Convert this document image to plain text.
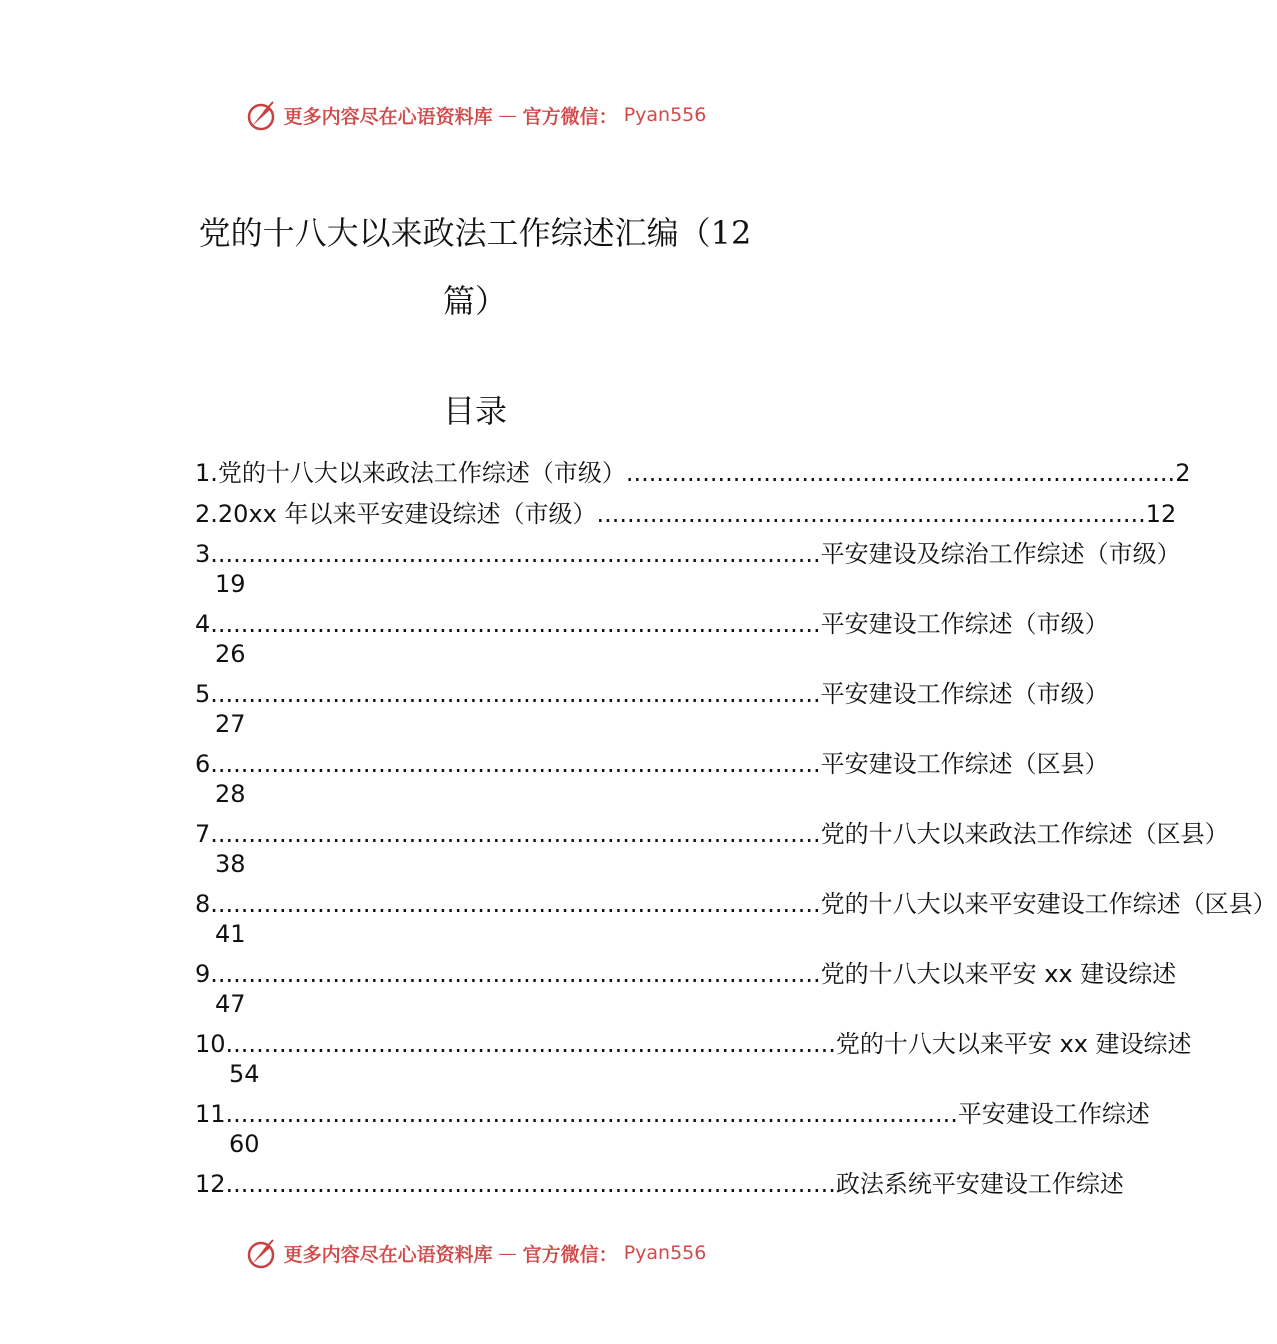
更多内容尽在心语资料库 — 官方微信： Pyan556
党的十八大以来政法工作综述汇编（12
篇）
目录
1. 党的十八大以来政法工作综述（市级） ........................................................................ 2
2. 20xx 年以来平安建设综述（市级） ........................................................................ 12
3 ................................................................................ 平安建设及综治工作综述（市级）
19
4 ................................................................................ 平安建设工作综述（市级）
26
5 ................................................................................ 平安建设工作综述（市级）
27
6 ................................................................................ 平安建设工作综述（区县）
28
7 ................................................................................ 党的十八大以来政法工作综述（区县）
38
8 ................................................................................ 党的十八大以来平安建设工作综述（区县）
41
9 ................................................................................ 党的十八大以来平安 xx 建设综述
47
10 ................................................................................ 党的十八大以来平安 xx 建设综述
54
11 ................................................................................................ 平安建设工作综述
60
12 ................................................................................ 政法系统平安建设工作综述
更多内容尽在心语资料库 — 官方微信： Pyan556
